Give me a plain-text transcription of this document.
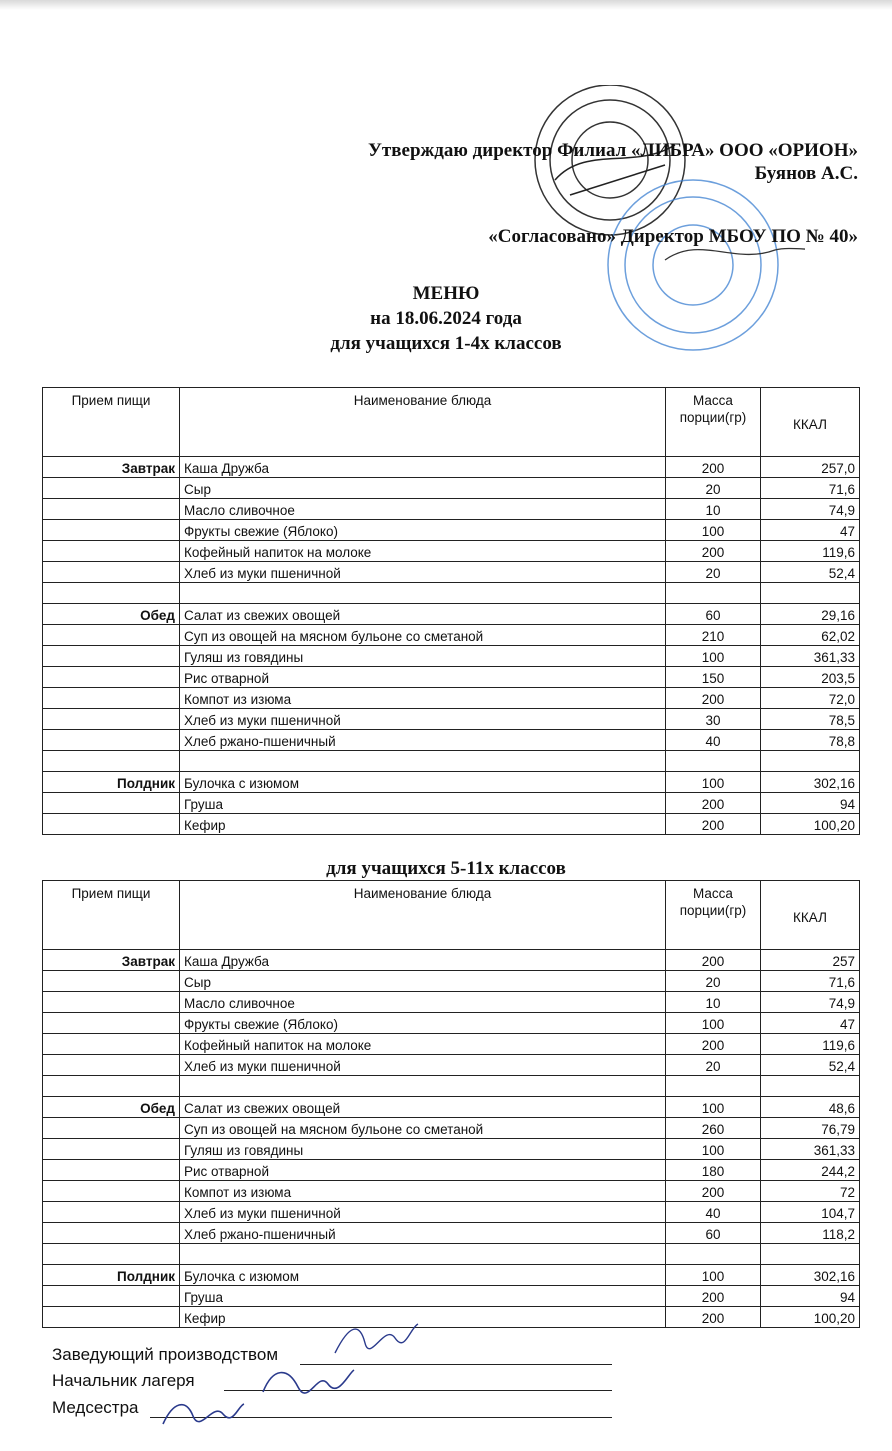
Утверждаю директор Филиал «ЛИБРА» ООО «ОРИОН»
Буянов А.С.
«Согласовано» Директор МБОУ ПО № 40»
МЕНЮ
на 18.06.2024 года
для учащихся 1-4х классов
Прием пищи	Наименование блюда	Масса порции(гр)	ККАЛ
Завтрак	Каша Дружба	200	257,0
	Сыр	20	71,6
	Масло сливочное	10	74,9
	Фрукты свежие (Яблоко)	100	47
	Кофейный напиток на молоке	200	119,6
	Хлеб из муки пшеничной	20	52,4

Обед	Салат из свежих овощей	60	29,16
	Суп из овощей на мясном бульоне со сметаной	210	62,02
	Гуляш из говядины	100	361,33
	Рис отварной	150	203,5
	Компот из изюма	200	72,0
	Хлеб из муки пшеничной	30	78,5
	Хлеб ржано-пшеничный	40	78,8

Полдник	Булочка с изюмом	100	302,16
	Груша	200	94
	Кефир	200	100,20
для учащихся 5-11х классов
Прием пищи	Наименование блюда	Масса порции(гр)	ККАЛ
Завтрак	Каша Дружба	200	257
	Сыр	20	71,6
	Масло сливочное	10	74,9
	Фрукты свежие (Яблоко)	100	47
	Кофейный напиток на молоке	200	119,6
	Хлеб из муки пшеничной	20	52,4

Обед	Салат из свежих овощей	100	48,6
	Суп из овощей на мясном бульоне со сметаной	260	76,79
	Гуляш из говядины	100	361,33
	Рис отварной	180	244,2
	Компот из изюма	200	72
	Хлеб из муки пшеничной	40	104,7
	Хлеб ржано-пшеничный	60	118,2

Полдник	Булочка с изюмом	100	302,16
	Груша	200	94
	Кефир	200	100,20
Заведующий производством
Начальник лагеря
Медсестра
